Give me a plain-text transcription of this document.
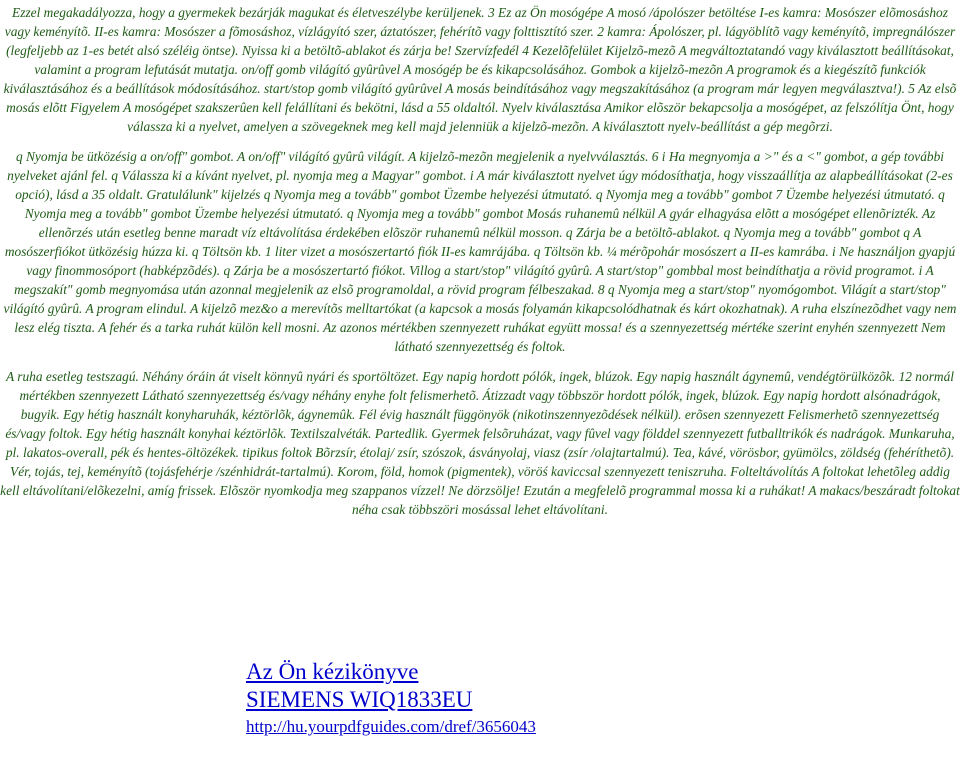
Ezzel megakadályozza, hogy a gyermekek bezárják magukat és életveszélybe kerüljenek. 3 Ez az Ön mosógépe A mosó /ápolószer betöltése I-es kamra: Mosószer elõmosáshoz vagy keményítõ. II-es kamra: Mosószer a fõmosáshoz, vízlágyító szer, áztatószer, fehérítõ vagy folttisztító szer. 2 kamra: Ápolószer, pl. lágyöblítõ vagy keményítõ, impregnálószer (legfeljebb az 1-es betét alsó széléig öntse). Nyissa ki a betöltõ-ablakot és zárja be! Szervízfedél 4 Kezelõfelület Kijelzõ-mezõ A megváltoztatandó vagy kiválasztott beállításokat, valamint a program lefutását mutatja. on/off gomb világító gyûrûvel A mosógép be és kikapcsolásához. Gombok a kijelzõ-mezõn A programok és a kiegészítõ funkciók kiválasztásához és a beállítások módosításához. start/stop gomb világító gyûrûvel A mosás beindításához vagy megszakításához (a program már legyen megválasztva!). 5 Az elsõ mosás elõtt Figyelem A mosógépet szakszerûen kell felállítani és bekötni, lásd a 55 oldaltól. Nyelv kiválasztása Amikor elõször bekapcsolja a mosógépet, az felszólítja Önt, hogy válassza ki a nyelvet, amelyen a szövegeknek meg kell majd jelenniük a kijelzõ-mezõn. A kiválasztott nyelv-beállítást a gép megõrzi.

q Nyomja be ütközésig a on/off" gombot. A on/off" világító gyûrû világít. A kijelzõ-mezõn megjelenik a nyelvválasztás. 6 i Ha megnyomja a >" és a <" gombot, a gép további nyelveket ajánl fel. q Válassza ki a kívánt nyelvet, pl. nyomja meg a Magyar" gombot. i A már kiválasztott nyelvet úgy módosíthatja, hogy visszaállítja az alapbeállításokat (2-es opció), lásd a 35 oldalt. Gratulálunk" kijelzés q Nyomja meg a tovább" gombot Üzembe helyezési útmutató. q Nyomja meg a tovább" gombot 7 Üzembe helyezési útmutató. q Nyomja meg a tovább" gombot Üzembe helyezési útmutató. q Nyomja meg a tovább" gombot Mosás ruhanemû nélkül A gyár elhagyása elõtt a mosógépet ellenõrizték. Az ellenõrzés után esetleg benne maradt víz eltávolítása érdekében elõször ruhanemû nélkül mosson. q Zárja be a betöltõ-ablakot. q Nyomja meg a tovább" gombot q A mosószerfiókot ütközésig húzza ki. q Töltsön kb. 1 liter vizet a mosószertartó fiók II-es kamrájába. q Töltsön kb. ¼ mérõpohár mosószert a II-es kamrába. i Ne használjon gyapjú vagy finommosóport (habképzõdés). q Zárja be a mosószertartó fiókot. Villog a start/stop" világító gyûrû. A start/stop" gombbal most beindíthatja a rövid programot. i A megszakít" gomb megnyomása után azonnal megjelenik az elsõ programoldal, a rövid program félbeszakad. 8 q Nyomja meg a start/stop" nyomógombot. Világít a start/stop" világító gyûrû. A program elindul. A kijelzõ mez&o a merevítõs melltartókat (a kapcsok a mosás folyamán kikapcsolódhatnak és kárt okozhatnak). A ruha elszínezõdhet vagy nem lesz elég tiszta. A fehér és a tarka ruhát külön kell mosni. Az azonos mértékben szennyezett ruhákat együtt mossa! és a szennyezettség mértéke szerint enyhén szennyezett Nem látható szennyezettség és foltok.

A ruha esetleg testszagú. Néhány óráin át viselt könnyû nyári és sportöltözet. Egy napig hordott pólók, ingek, blúzok. Egy napig használt ágynemû, vendégtörülközõk. 12 normál mértékben szennyezett Látható szennyezettség és/vagy néhány enyhe folt felismerhetõ. Átizzadt vagy többször hordott pólók, ingek, blúzok. Egy napig hordott alsónadrágok, bugyik. Egy hétig használt konyharuhák, kéztörlõk, ágynemûk. Fél évig használt függönyök (nikotinszennyezõdések nélkül). erõsen szennyezett Felismerhetõ szennyezettség és/vagy foltok. Egy hétig használt konyhai kéztörlõk. Textilszalvéták. Partedlik. Gyermek felsõruházat, vagy fûvel vagy földdel szennyezett futballtrikók és nadrágok. Munkaruha, pl. lakatos-overall, pék és hentes-öltözékek. tipikus foltok Bõrzsír, étolaj/ zsír, szószok, ásványolaj, viasz (zsír /olajtartalmú). Tea, kávé, vörösbor, gyümölcs, zöldség (fehéríthetõ). Vér, tojás, tej, keményítõ (tojásfehérje /szénhidrát-tartalmú). Korom, föld, homok (pigmentek), vöröś kaviccsal szennyezett teniszruha. Folteltávolítás A foltokat lehetõleg addig kell eltávolítani/elõkezelni, amíg frissek. Elõször nyomkodja meg szappanos vízzel! Ne dörzsölje! Ezután a megfelelõ programmal mossa ki a ruhákat! A makacs/beszáradt foltokat néha csak többszöri mosással lehet eltávolítani.

Az Ön kézikönyve
SIEMENS WIQ1833EU
http://hu.yourpdfguides.com/dref/3656043
